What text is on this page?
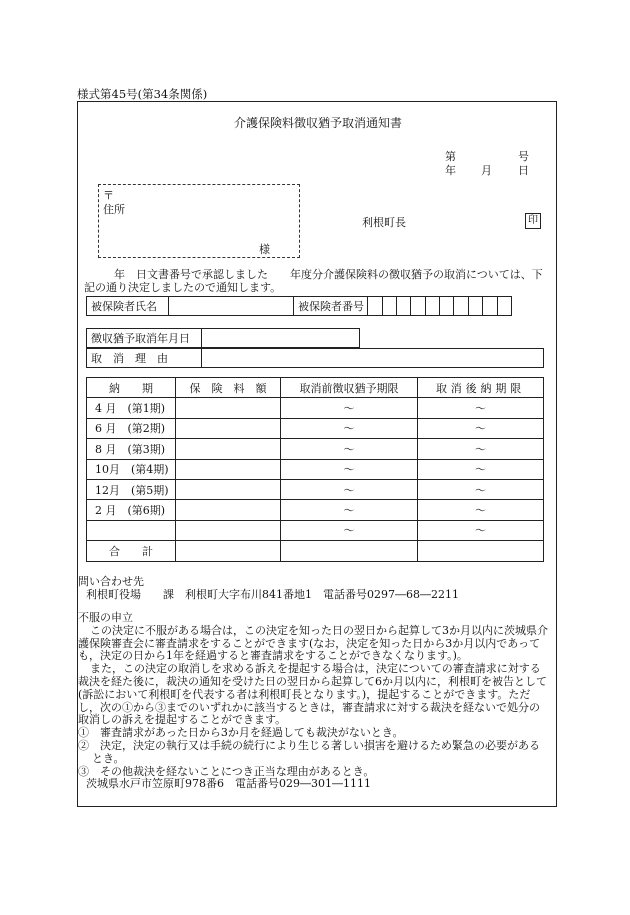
様式第45号(第34条関係)
介護保険料徴収猶予取消通知書
第	号
年 月 日
〒
住所
様
利根町長	印
年　日文書番号で承認しました　　年度分介護保険料の徴収猶予の取消については、下記の通り決定しましたので通知します。
被保険者氏名		被保険者番号										
徴収猶予取消年月日	
取　消　理　由	
納　　期	保　険　料　額	取消前徴収猶予期限	取消後納期限
4 月　(第1期)		～	～
6 月　(第2期)		～	～
8 月　(第3期)		～	～
10月　(第4期)		～	～
12月　(第5期)		～	～
2 月　(第6期)		～	～
		～	～
合　　計			
問い合わせ先
利根町役場　　課　利根町大字布川841番地1　電話番号0297―68―2211
不服の申立
この決定に不服がある場合は，この決定を知った日の翌日から起算して3か月以内に茨城県介護保険審査会に審査請求をすることができます(なお，決定を知った日から3か月以内であっても，決定の日から1年を経過すると審査請求をすることができなくなります。)。
また，この決定の取消しを求める訴えを提起する場合は，決定についての審査請求に対する裁決を経た後に，裁決の通知を受けた日の翌日から起算して6か月以内に，利根町を被告として(訴訟において利根町を代表する者は利根町長となります。)，提起することができます。ただし，次の①から③までのいずれかに該当するときは，審査請求に対する裁決を経ないで処分の取消しの訴えを提起することができます。
①　審査請求があった日から3か月を経過しても裁決がないとき。
②　決定，決定の執行又は手続の続行により生じる著しい損害を避けるため緊急の必要があるとき。
③　その他裁決を経ないことにつき正当な理由があるとき。
茨城県水戸市笠原町978番6　電話番号029―301―1111
